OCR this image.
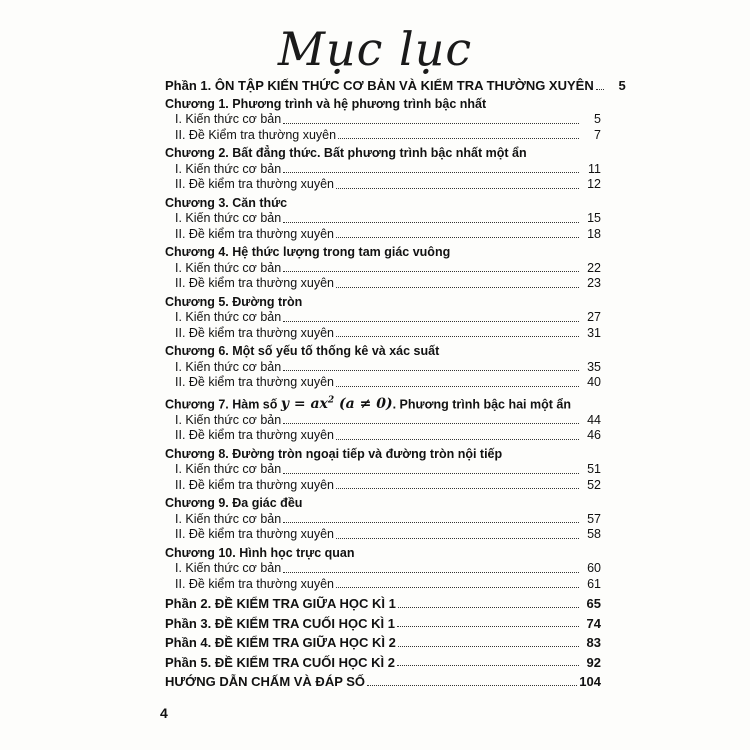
Mục lục
Phần 1. ÔN TẬP KIẾN THỨC CƠ BẢN VÀ KIỂM TRA THƯỜNG XUYÊN	5
Chương 1. Phương trình và hệ phương trình bậc nhất
I. Kiến thức cơ bản	5
II. Đề Kiểm tra thường xuyên	7
Chương 2. Bất đẳng thức. Bất phương trình bậc nhất một ẩn
I. Kiến thức cơ bản	11
II. Đề kiểm tra thường xuyên	12
Chương 3. Căn thức
I. Kiến thức cơ bản	15
II. Đề kiểm tra thường xuyên	18
Chương 4. Hệ thức lượng trong tam giác vuông
I. Kiến thức cơ bản	22
II. Đề kiểm tra thường xuyên	23
Chương 5. Đường tròn
I. Kiến thức cơ bản	27
II. Đề kiểm tra thường xuyên	31
Chương 6. Một số yếu tố thống kê và xác suất
I. Kiến thức cơ bản	35
II. Đề kiểm tra thường xuyên	40
Chương 7. Hàm số $y = ax^2$ (a ≠ 0). Phương trình bậc hai một ẩn
I. Kiến thức cơ bản	44
II. Đề kiểm tra thường xuyên	46
Chương 8. Đường tròn ngoại tiếp và đường tròn nội tiếp
I. Kiến thức cơ bản	51
II. Đề kiểm tra thường xuyên	52
Chương 9. Đa giác đều
I. Kiến thức cơ bản	57
II. Đề kiểm tra thường xuyên	58
Chương 10. Hình học trực quan
I. Kiến thức cơ bản	60
II. Đề kiểm tra thường xuyên	61
Phần 2. ĐỀ KIỂM TRA GIỮA HỌC KÌ 1	65
Phần 3. ĐỀ KIỂM TRA CUỐI HỌC KÌ 1	74
Phần 4. ĐỀ KIỂM TRA GIỮA HỌC KÌ 2	83
Phần 5. ĐỀ KIỂM TRA CUỐI HỌC KÌ 2	92
HƯỚNG DẪN CHẤM VÀ ĐÁP SỐ	104
4
